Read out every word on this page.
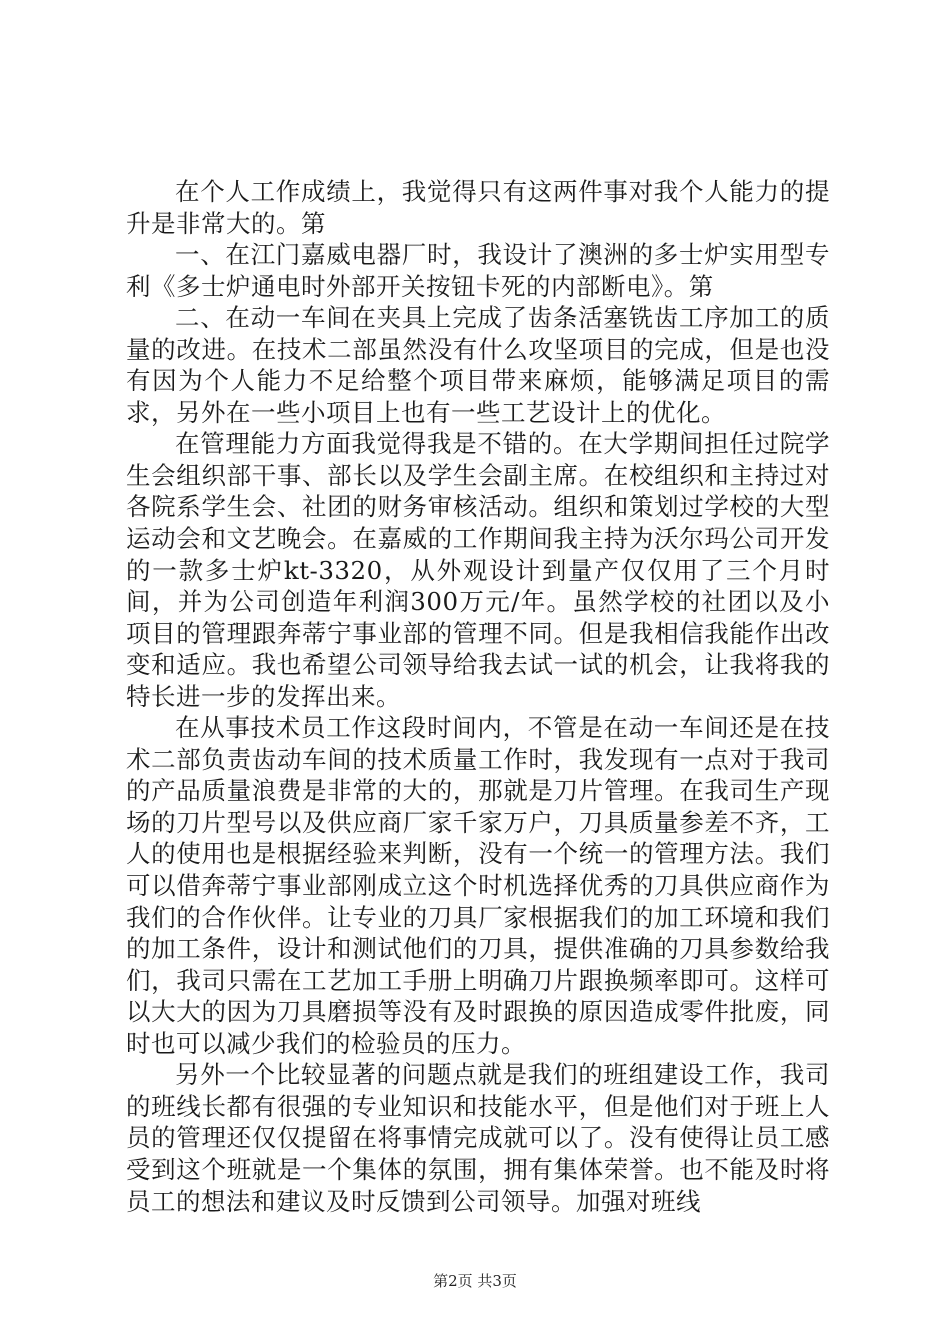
在个人工作成绩上，我觉得只有这两件事对我个人能力的提升是非常大的。第

一、在江门嘉威电器厂时，我设计了澳洲的多士炉实用型专利《多士炉通电时外部开关按钮卡死的内部断电》。第

二、在动一车间在夹具上完成了齿条活塞铣齿工序加工的质量的改进。在技术二部虽然没有什么攻坚项目的完成，但是也没有因为个人能力不足给整个项目带来麻烦，能够满足项目的需求，另外在一些小项目上也有一些工艺设计上的优化。

在管理能力方面我觉得我是不错的。在大学期间担任过院学生会组织部干事、部长以及学生会副主席。在校组织和主持过对各院系学生会、社团的财务审核活动。组织和策划过学校的大型运动会和文艺晚会。在嘉威的工作期间我主持为沃尔玛公司开发的一款多士炉kt-3320，从外观设计到量产仅仅用了三个月时间，并为公司创造年利润300万元/年。虽然学校的社团以及小项目的管理跟奔蒂宁事业部的管理不同。但是我相信我能作出改变和适应。我也希望公司领导给我去试一试的机会，让我将我的特长进一步的发挥出来。

在从事技术员工作这段时间内，不管是在动一车间还是在技术二部负责齿动车间的技术质量工作时，我发现有一点对于我司的产品质量浪费是非常的大的，那就是刀片管理。在我司生产现场的刀片型号以及供应商厂家千家万户，刀具质量参差不齐，工人的使用也是根据经验来判断，没有一个统一的管理方法。我们可以借奔蒂宁事业部刚成立这个时机选择优秀的刀具供应商作为我们的合作伙伴。让专业的刀具厂家根据我们的加工环境和我们的加工条件，设计和测试他们的刀具，提供准确的刀具参数给我们，我司只需在工艺加工手册上明确刀片跟换频率即可。这样可以大大的因为刀具磨损等没有及时跟换的原因造成零件批废，同时也可以减少我们的检验员的压力。

另外一个比较显著的问题点就是我们的班组建设工作，我司的班线长都有很强的专业知识和技能水平，但是他们对于班上人员的管理还仅仅提留在将事情完成就可以了。没有使得让员工感受到这个班就是一个集体的氛围，拥有集体荣誉。也不能及时将员工的想法和建议及时反馈到公司领导。加强对班线

第2页 共3页
